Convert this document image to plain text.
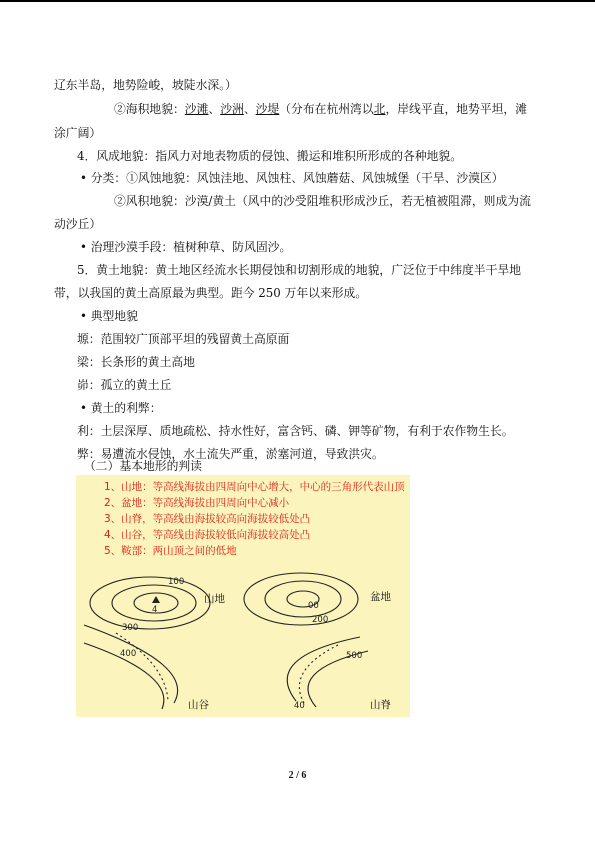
辽东半岛，地势险峻，坡陡水深。）
②海积地貌：沙滩、沙洲、沙堤（分布在杭州湾以北，岸线平直，地势平坦，滩
涂广阔）
4．风成地貌：指风力对地表物质的侵蚀、搬运和堆积所形成的各种地貌。
• 分类：①风蚀地貌：风蚀洼地、风蚀柱、风蚀蘑菇、风蚀城堡（干旱、沙漠区）
②风积地貌：沙漠/黄土（风中的沙受阻堆积形成沙丘，若无植被阻滞，则成为流
动沙丘）
• 治理沙漠手段：植树种草、防风固沙。
5．黄土地貌：黄土地区经流水长期侵蚀和切割形成的地貌，广泛位于中纬度半干旱地
带，以我国的黄土高原最为典型。距今 250 万年以来形成。
• 典型地貌
塬：范围较广顶部平坦的残留黄土高原面
梁：长条形的黄土高地
峁：孤立的黄土丘
• 黄土的利弊：
利：土层深厚、质地疏松、持水性好，富含钙、磷、钾等矿物，有利于农作物生长。
弊：易遭流水侵蚀，水土流失严重，淤塞河道，导致洪灾。
（二）基本地形的判读
1、山地：等高线海拔由四周向中心增大，中心的三角形代表山顶
2、盆地：等高线海拔由四周向中心减小
3、山脊，等高线由海拔较高向海拔较低处凸
4、山谷，等高线由海拔较低向海拔较高处凸
5、鞍部：两山顶之间的低地
100
4	00
200
300
400	500
40
山地	盆地
山谷	山脊
2 / 6
